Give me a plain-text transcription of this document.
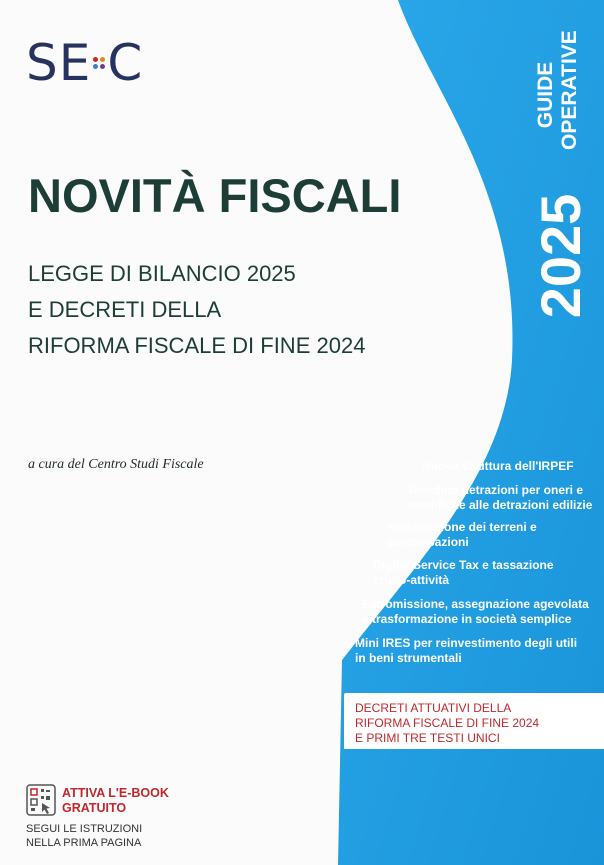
SE C
NOVITÀ FISCALI
LEGGE DI BILANCIO 2025
E DECRETI DELLA
RIFORMA FISCALE DI FINE 2024
a cura del Centro Studi Fiscale
GUIDE OPERATIVE
2025
Nuova struttura dell'IRPEF
Riordino detrazioni per oneri e
modifiche alle detrazioni edilizie
Rivalutazione dei terreni e
partecipazioni
Digital Service Tax e tassazione
cripto-attività
Estromissione, assegnazione agevolata
e trasformazione in società semplice
Mini IRES per reinvestimento degli utili
in beni strumentali
DECRETI ATTUATIVI DELLA
RIFORMA FISCALE DI FINE 2024
E PRIMI TRE TESTI UNICI
ATTIVA L'E-BOOK
GRATUITO
SEGUI LE ISTRUZIONI
NELLA PRIMA PAGINA
